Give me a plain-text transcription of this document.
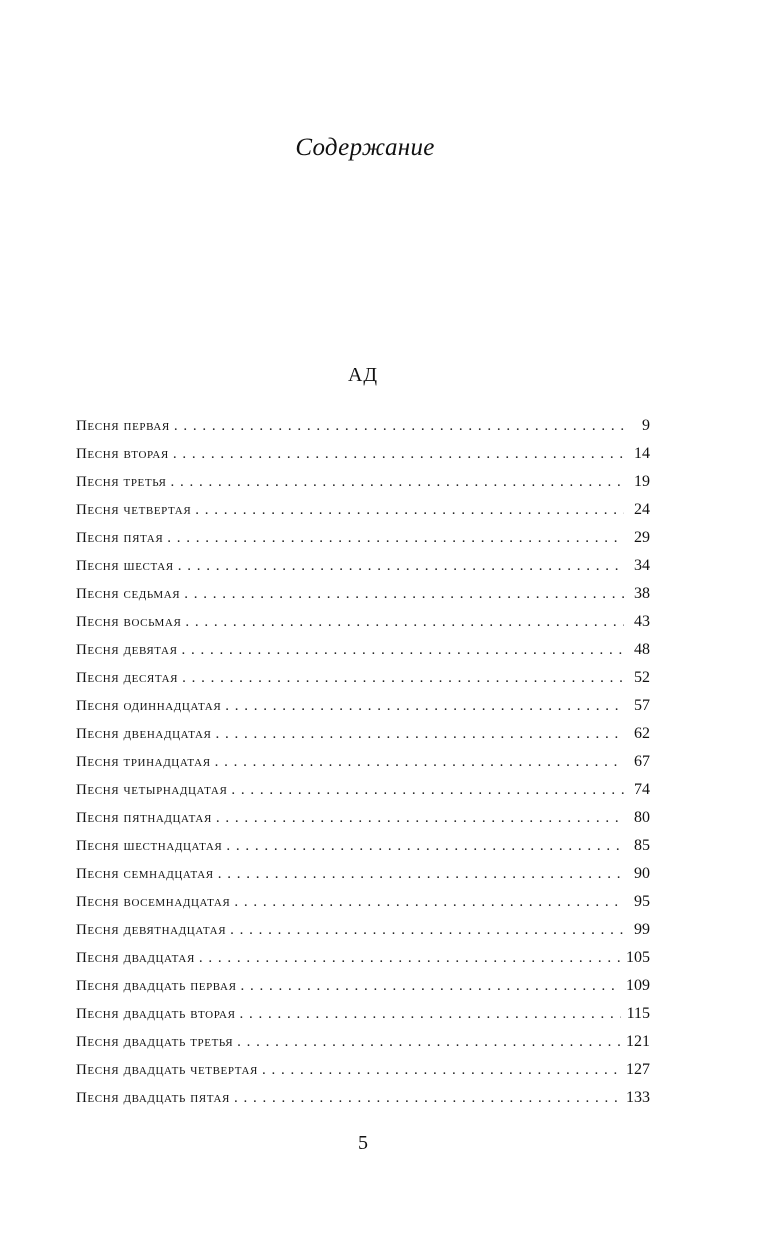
Содержание
АД
Песня первая . . .	9
Песня вторая . . .	14
Песня третья . . .	19
Песня четвертая . . .	24
Песня пятая . . .	29
Песня шестая . . .	34
Песня седьмая . . .	38
Песня восьмая . . .	43
Песня девятая . . .	48
Песня десятая . . .	52
Песня одиннадцатая . . .	57
Песня двенадцатая . . .	62
Песня тринадцатая . . .	67
Песня четырнадцатая . . .	74
Песня пятнадцатая . . .	80
Песня шестнадцатая . . .	85
Песня семнадцатая . . .	90
Песня восемнадцатая . . .	95
Песня девятнадцатая . . .	99
Песня двадцатая . . .	105
Песня двадцать первая . . .	109
Песня двадцать вторая . . .	115
Песня двадцать третья . . .	121
Песня двадцать четвертая . . .	127
Песня двадцать пятая . . .	133
5
